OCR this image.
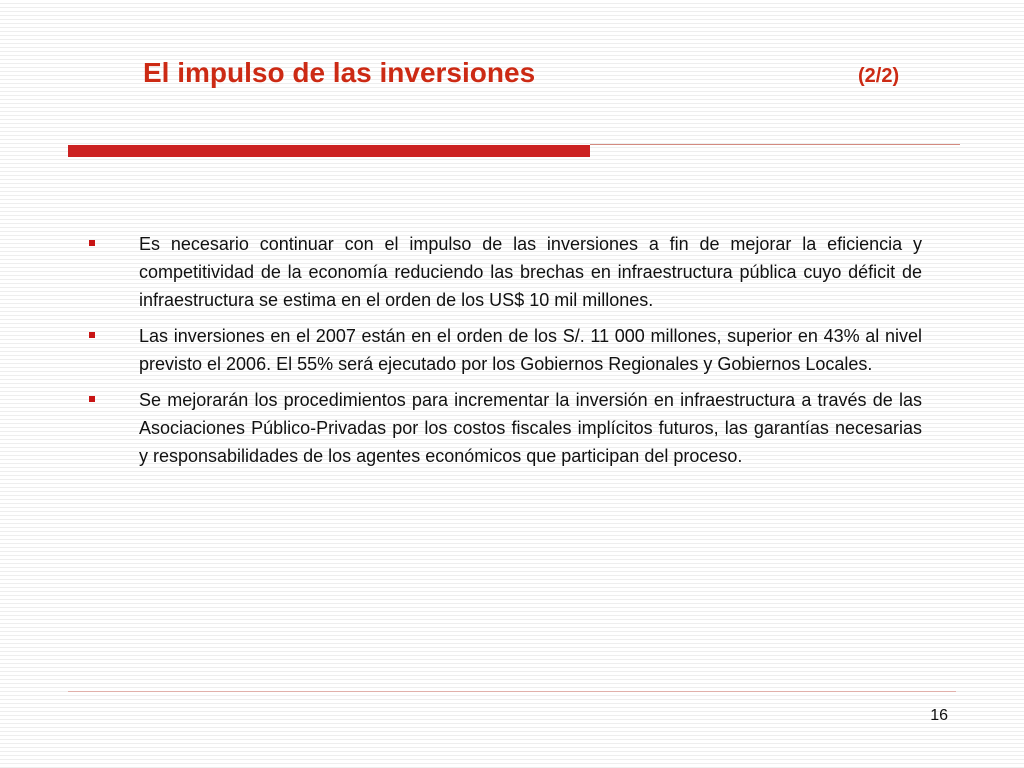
El impulso de las inversiones	(2/2)
Es necesario continuar con el impulso de las inversiones a fin de mejorar la eficiencia y competitividad de la economía reduciendo las brechas en infraestructura pública cuyo déficit de infraestructura se estima en el orden de los US$ 10 mil millones.
Las inversiones en el 2007 están en el orden de los S/. 11 000 millones, superior en 43% al nivel previsto el 2006. El 55% será ejecutado por los Gobiernos Regionales y Gobiernos Locales.
Se mejorarán los procedimientos para incrementar la inversión en infraestructura a través de las Asociaciones Público-Privadas por los costos fiscales implícitos futuros, las garantías necesarias y responsabilidades de los agentes económicos que participan del proceso.
16
